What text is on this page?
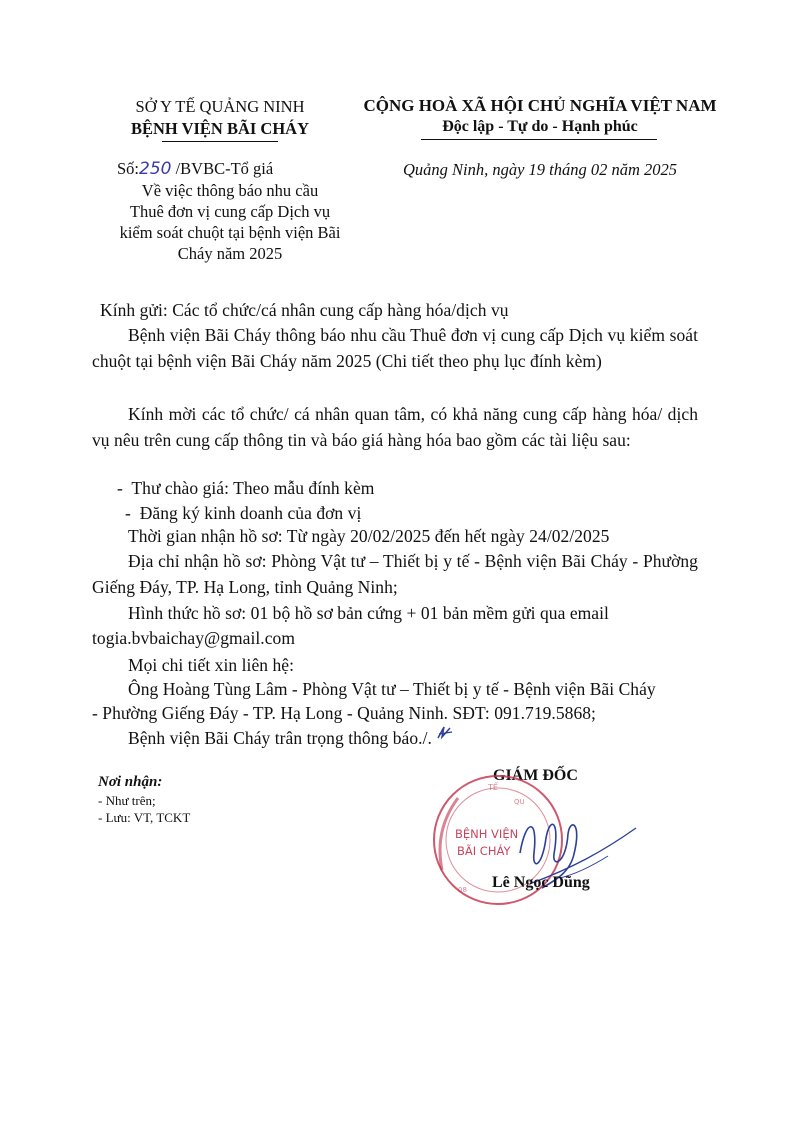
SỞ Y TẾ QUẢNG NINH
BỆNH VIỆN BÃI CHÁY
Số:250 /BVBC-Tổ giá
Về việc thông báo nhu cầu
Thuê đơn vị cung cấp Dịch vụ
kiểm soát chuột tại bệnh viện Bãi
Cháy năm 2025
CỘNG HOÀ XÃ HỘI CHỦ NGHĨA VIỆT NAM
Độc lập - Tự do - Hạnh phúc
Quảng Ninh, ngày 19 tháng 02 năm 2025
Kính gửi: Các tổ chức/cá nhân cung cấp hàng hóa/dịch vụ
Bệnh viện Bãi Cháy thông báo nhu cầu Thuê đơn vị cung cấp Dịch vụ kiểm soát chuột tại bệnh viện Bãi Cháy năm 2025 (Chi tiết theo phụ lục đính kèm)
Kính mời các tổ chức/ cá nhân quan tâm, có khả năng cung cấp hàng hóa/ dịch vụ nêu trên cung cấp thông tin và báo giá hàng hóa bao gồm các tài liệu sau:
-  Thư chào giá: Theo mẫu đính kèm
-  Đăng ký kinh doanh của đơn vị
Thời gian nhận hồ sơ: Từ ngày 20/02/2025 đến hết ngày 24/02/2025
Địa chỉ nhận hồ sơ: Phòng Vật tư – Thiết bị y tế - Bệnh viện Bãi Cháy - Phường Giếng Đáy, TP. Hạ Long, tỉnh Quảng Ninh;
Hình thức hồ sơ: 01 bộ hồ sơ bản cứng + 01 bản mềm gửi qua email
togia.bvbaichay@gmail.com
Mọi chi tiết xin liên hệ:
Ông Hoàng Tùng Lâm - Phòng Vật tư – Thiết bị y tế - Bệnh viện Bãi Cháy
- Phường Giếng Đáy - TP. Hạ Long - Quảng Ninh. SĐT: 091.719.5868;
Bệnh viện Bãi Cháy trân trọng thông báo./.
Nơi nhận:
- Như trên;
- Lưu: VT, TCKT
GIÁM ĐỐC
TẾ
QU
08
BỆNH VIỆN
BÃI CHÁY
Lê Ngọc Dũng
